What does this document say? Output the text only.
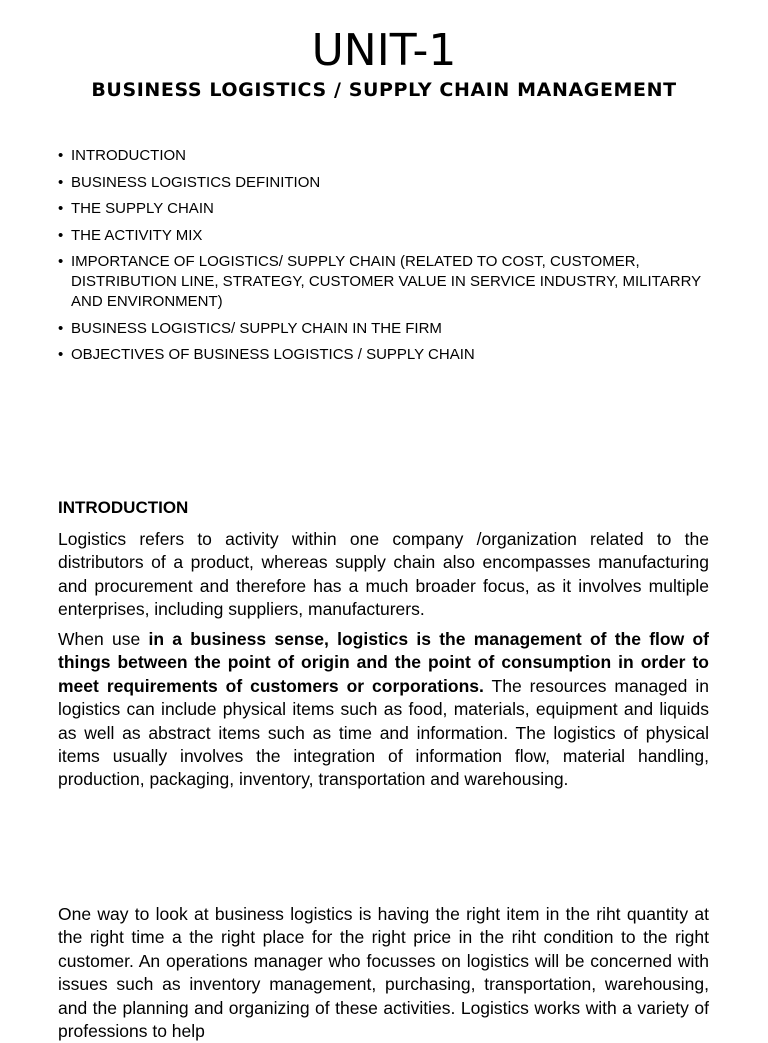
UNIT-1
BUSINESS LOGISTICS / SUPPLY CHAIN MANAGEMENT
• INTRODUCTION
• BUSINESS LOGISTICS DEFINITION
• THE SUPPLY CHAIN
• THE ACTIVITY MIX
• IMPORTANCE OF LOGISTICS/ SUPPLY CHAIN (RELATED TO COST, CUSTOMER, DISTRIBUTION LINE, STRATEGY, CUSTOMER VALUE IN SERVICE INDUSTRY, MILITARRY AND ENVIRONMENT)
• BUSINESS LOGISTICS/ SUPPLY CHAIN IN THE FIRM
• OBJECTIVES OF BUSINESS LOGISTICS / SUPPLY CHAIN
INTRODUCTION

Logistics refers to activity within one company /organization related to the distributors of a product, whereas supply chain also encompasses manufacturing and procurement and therefore has a much broader focus, as it involves multiple enterprises, including suppliers, manufacturers.

When use in a business sense, logistics is the management of the flow of things between the point of origin and the point of consumption in order to meet requirements of customers or corporations. The resources managed in logistics can include physical items such as food, materials, equipment and liquids as well as abstract items such as time and information. The logistics of physical items usually involves the integration of information flow, material handling, production, packaging, inventory, transportation and warehousing.

One way to look at business logistics is having the right item in the riht quantity at the right time a the right place for the right price in the riht condition to the right customer. An operations manager who focusses on logistics will be concerned with issues such as inventory management, purchasing, transportation, warehousing, and the planning and organizing of these activities. Logistics works with a variety of professions to help
